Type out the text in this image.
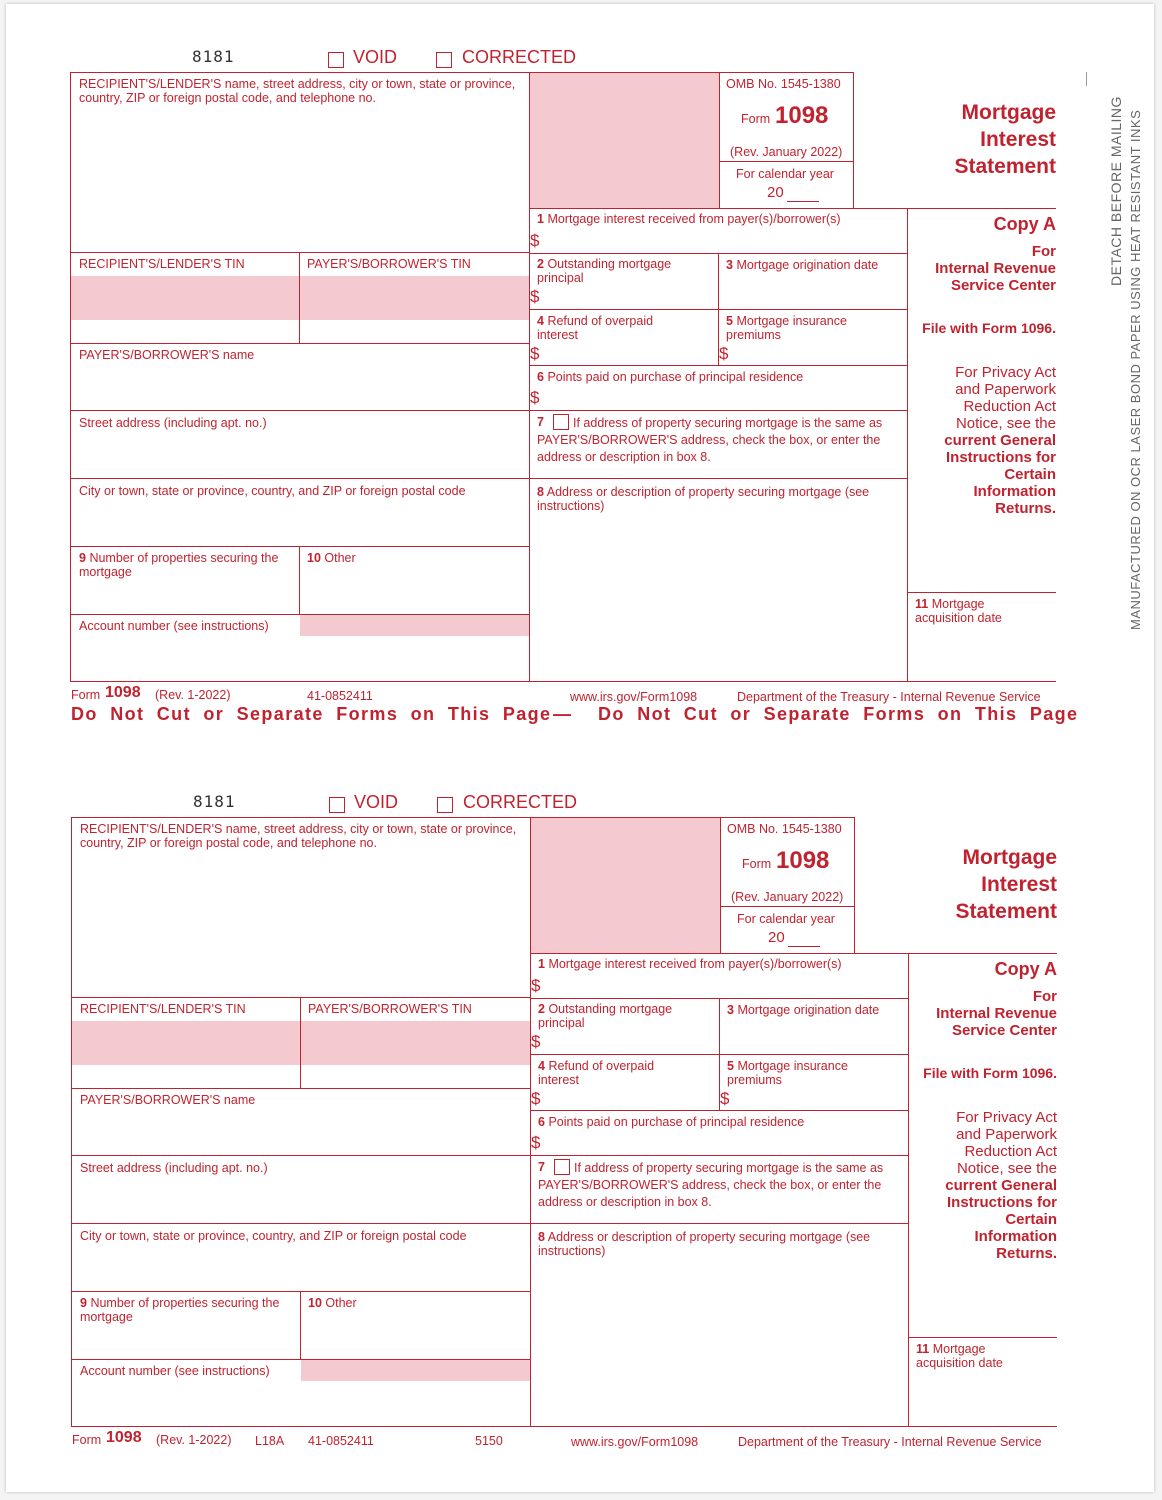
DETACH BEFORE MAILING MANUFACTURED ON OCR LASER BOND PAPER USING HEAT RESISTANT INKS
8181	VOID	CORRECTED
RECIPIENT'S/LENDER'S name, street address, city or town, state or province, country, ZIP or foreign postal code, and telephone no.
RECIPIENT'S/LENDER'S TIN	PAYER'S/BORROWER'S TIN
PAYER'S/BORROWER'S name
Street address (including apt. no.)
City or town, state or province, country, and ZIP or foreign postal code
9 Number of properties securing the mortgage
10 Other
Account number (see instructions)
OMB No. 1545-1380
Form 1098
(Rev. January 2022)
For calendar year
20
Mortgage
Interest
Statement
1 Mortgage interest received from payer(s)/borrower(s)
$
2 Outstanding mortgage principal
$
3 Mortgage origination date
4 Refund of overpaid interest
$
5 Mortgage insurance premiums
$
6 Points paid on purchase of principal residence
$
7	If address of property securing mortgage is the same as PAYER'S/BORROWER'S address, check the box, or enter the address or description in box 8.
8 Address or description of property securing mortgage (see instructions)
Copy A
For
Internal Revenue
Service Center
File with Form 1096.
For Privacy Act
and Paperwork
Reduction Act
Notice, see the
current General
Instructions for
Certain
Information
Returns.
11 Mortgage acquisition date
Form 1098 (Rev. 1-2022)	41-0852411	www.irs.gov/Form1098	Department of the Treasury - Internal Revenue Service
8181	VOID	CORRECTED
RECIPIENT'S/LENDER'S name, street address, city or town, state or province, country, ZIP or foreign postal code, and telephone no.
RECIPIENT'S/LENDER'S TIN	PAYER'S/BORROWER'S TIN
PAYER'S/BORROWER'S name
Street address (including apt. no.)
City or town, state or province, country, and ZIP or foreign postal code
9 Number of properties securing the mortgage
10 Other
Account number (see instructions)
OMB No. 1545-1380
Form 1098
(Rev. January 2022)
For calendar year
20
Mortgage
Interest
Statement
1 Mortgage interest received from payer(s)/borrower(s)
$
2 Outstanding mortgage principal
$
3 Mortgage origination date
4 Refund of overpaid interest
$
5 Mortgage insurance premiums
$
6 Points paid on purchase of principal residence
$
7	If address of property securing mortgage is the same as PAYER'S/BORROWER'S address, check the box, or enter the address or description in box 8.
8 Address or description of property securing mortgage (see instructions)
Copy A
For
Internal Revenue
Service Center
File with Form 1096.
For Privacy Act
and Paperwork
Reduction Act
Notice, see the
current General
Instructions for
Certain
Information
Returns.
11 Mortgage acquisition date
Form 1098 (Rev. 1-2022) L18A 41-0852411	5150	www.irs.gov/Form1098	Department of the Treasury - Internal Revenue Service
Do Not Cut or Separate Forms on This Page — Do Not Cut or Separate Forms on This Page
